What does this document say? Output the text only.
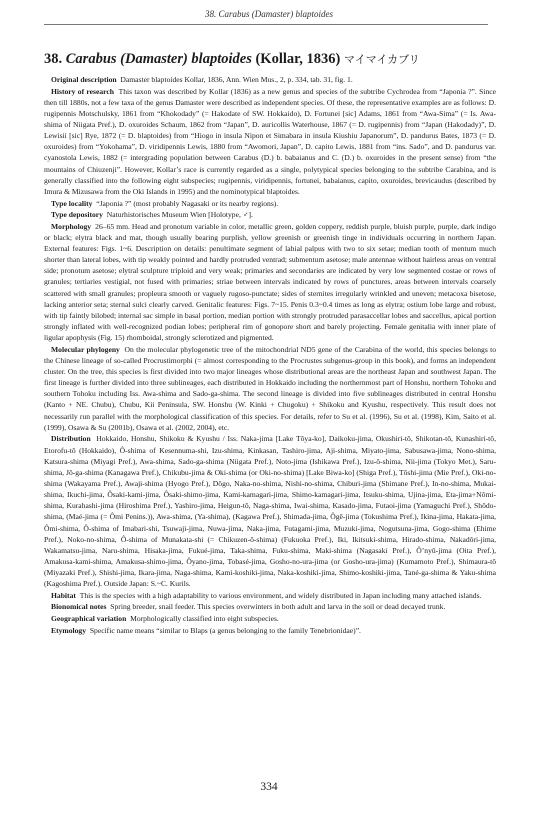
38. Carabus (Damaster) blaptoides
38. Carabus (Damaster) blaptoides (Kollar, 1836) マイマイカブリ

Original description Damaster blaptoides Kollar, 1836, Ann. Wien Mus., 2, p. 334, tab. 31, fig. 1.

History of research This taxon was described by Kollar (1836) as a new genus and species of the subtribe Cychrodea from “Japonia ?”. Since then till 1880s, not a few taxa of the genus Damaster were described as independent species. Of these, the representative examples are as follows: D. rugipennis Motschulsky, 1861 from “Khokodady” (= Hakodate of SW. Hokkaido), D. Fortunei [sic] Adams, 1861 from “Awa-Sima” (= Is. Awa-shima of Niigata Pref.), D. oxuroides Schaum, 1862 from “Japan”, D. auricollis Waterhouse, 1867 (= D. rugipennis) from “Japan (Hakodady)”, D. Lewisii [sic] Rye, 1872 (= D. blaptoides) from “Hiogo in insula Nipon et Simabara in insula Kiushiu Japanorum”, D. pandurus Bates, 1873 (= D. oxuroides) from “Yokohama”, D. viridipennis Lewis, 1880 from “Awomori, Japan”, D. capito Lewis, 1881 from “ins. Sado”, and D. pandurus var. cyanostola Lewis, 1882 (= intergrading population between Carabus (D.) b. babaianus and C. (D.) b. oxuroides in the present sense) from “the mountains of Chiuzenji”. However, Kollar’s race is currently regarded as a single, polytypical species belonging to the subtribe Carabina, and is generally classified into the following eight subspecies; rugipennis, viridipennis, fortunei, babaianus, capito, oxuroides, brevicaudus (described by Imura & Mizusawa from the Oki Islands in 1995) and the nominotypical blaptoides.

Type locality “Japonia ?” (most probably Nagasaki or its nearby regions).

Type depository Naturhistorisches Museum Wien [Holotype, ♂].

Morphology 26–65 mm. Head and pronotum variable in color, metallic green, golden coppery, reddish purple, bluish purple, purple, dark indigo or black; elytra black and mat, though usually bearing purplish, yellow greenish or greenish tinge in individuals occurring in northern Japan. External features: Figs. 1~6. Description on details: penultimate segment of labial palpus with two to six setae; median tooth of mentum much shorter than lateral lobes, with tip weakly pointed and hardly protruded ventrad; submentum asetose; male antennae without hairless areas on ventral side; pronotum asetose; elytral sculpture triploid and very weak; primaries and secondaries are indicated by very low segmented costae or rows of granules; tertiaries vestigial, not fused with primaries; striae between intervals indicated by rows of punctures, areas between intervals coarsely scattered with small granules; propleura smooth or vaguely rugoso-punctate; sides of sternites irregularly wrinkled and uneven; metacoxa bisetose, lacking anterior seta; sternal sulci clearly carved. Genitalic features: Figs. 7~15. Penis 0.3~0.4 times as long as elytra; ostium lobe large and robust, with tip faintly bilobed; internal sac simple in basal portion, median portion with strongly protruded parasaccellar lobes and saccellus, apical portion strongly inflated with well-recognized podian lobes; peripheral rim of gonopore short and barely projecting. Female genitalia with inner plate of ligular apophysis (Fig. 15) rhomboidal, strongly sclerotized and pigmented.

Molecular phylogeny On the molecular phylogenetic tree of the mitochondrial ND5 gene of the Carabina of the world, this species belongs to the Chinese lineage of so-called Procrustimorphi (= almost corresponding to the Procrustes subgenus-group in this book), and forms an independent cluster. On the tree, this species is first divided into two major lineages whose distributional areas are the northeast Japan and southwest Japan. The first lineage is further divided into three sublineages, each distributed in Hokkaido including the northernmost part of Honshu, northern Tohoku and southern Tohoku including Iss. Awa-shima and Sado-ga-shima. The second lineage is divided into five sublineages distributed in central Honshu (Kanto + NE. Chubu), Chubu, Kii Peninsula, SW. Honshu (W. Kinki + Chugoku) + Shikoku and Kyushu, respectively. This result does not necessarily run parallel with the morphological classification of this species. For details, refer to Su et al. (1996), Su et al. (1998), Kim, Saito et al. (1999), Osawa & Su (2001b), Osawa et al. (2002, 2004), etc.

Distribution Hokkaido, Honshu, Shikoku & Kyushu / Iss. Naka-jima [Lake Tôya-ko], Daikoku-jima, Okushiri-tô, Shikotan-tô, Kunashiri-tô, Etorofu-tô (Hokkaido), Ô-shima of Kesennuma-shi, Izu-shima, Kinkasan, Tashiro-jima, Aji-shima, Miyato-jima, Sabusawa-jima, Nono-shima, Katsura-shima (Miyagi Pref.), Awa-shima, Sado-ga-shima (Niigata Pref.), Noto-jima (Ishikawa Pref.), Izu-ô-shima, Nii-jima (Tokyo Met.), Saru-shima, Jô-ga-shima (Kanagawa Pref.), Chikubu-jima & Oki-shima (or Oki-no-shima) [Lake Biwa-ko] (Shiga Pref.), Tôshi-jima (Mie Pref.), Oki-no-shima (Wakayama Pref.), Awaji-shima (Hyogo Pref.), Dôgo, Naka-no-shima, Nishi-no-shima, Chiburi-jima (Shimane Pref.), In-no-shima, Mukai-shima, Ikuchi-jima, Ôsaki-kami-jima, Ôsaki-shimo-jima, Kami-kamagari-jima, Shimo-kamagari-jima, Itsuku-shima, Ujina-jima, Eta-jima+Nômi-shima, Kurahashi-jima (Hiroshima Pref.), Yashiro-jima, Heigun-tô, Naga-shima, Iwai-shima, Kasado-jima, Futaoi-jima (Yamaguchi Pref.), Shôdo-shima, (Maé-jima (= Ômi Penins.)), Awa-shima, (Ya-shima), (Kagawa Pref.), Shimada-jima, Ôgê-jima (Tokushima Pref.), Ikina-jima, Hakata-jima, Ômi-shima, Ô-shima of Imabari-shi, Tsuwaji-jima, Nuwa-jima, Naka-jima, Futagami-jima, Muzuki-jima, Nogutsuna-jima, Gogo-shima (Ehime Pref.), Noko-no-shima, Ô-shima of Munakata-shi (= Chikuzen-ô-shima) (Fukuoka Pref.), Iki, Ikitsuki-shima, Hirado-shima, Nakadôri-jima, Wakamatsu-jima, Naru-shima, Hisaka-jima, Fukué-jima, Taka-shima, Fuku-shima, Maki-shima (Nagasaki Pref.), Ô’nyû-jima (Oita Pref.), Amakusa-kami-shima, Amakusa-shimo-jima, Ôyano-jima, Tobasé-jima, Gosho-no-ura-jima (or Gosho-ura-jima) (Kumamoto Pref.), Shimaura-tô (Miyazaki Pref.), Shishi-jima, Ikara-jima, Naga-shima, Kami-koshiki-jima, Naka-koshiki-jima, Shimo-koshiki-jima, Tané-ga-shima & Yaku-shima (Kagoshima Pref.). Outside Japan: S.~C. Kurils.

Habitat This is the species with a high adaptability to various environment, and widely distributed in Japan including many attached islands.

Bionomical notes Spring breeder, snail feeder. This species overwinters in both adult and larva in the soil or dead decayed trunk.

Geographical variation Morphologically classified into eight subspecies.

Etymology Specific name means “similar to Blaps (a genus belonging to the family Tenebrionidae)”.

334
